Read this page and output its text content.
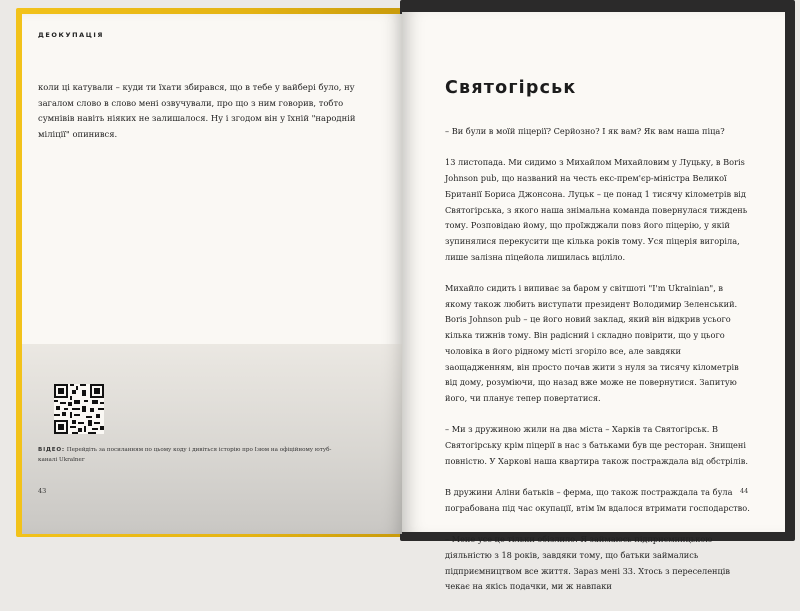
ДЕОКУПАЦІЯ

коли ці катували – куди ти їхати збирався, що в тебе у вайбері було, ну загалом слово в слово мені озвучували, про що з ним говорив, тобто сумнівів навіть ніяких не залишалося. Ну і згодом він у їхній "народній міліції" опинився.

ВІДЕО: Перейдіть за посиланням по цьому коду і дивіться історію про Ізюм на офіційному ютуб-каналі Ukraїner
43
Святогірськ

– Ви були в моїй піцерії? Серйозно? І як вам? Як вам наша піца?

13 листопада. Ми сидимо з Михайлом Михайловим у Луцьку, в Boris Johnson pub, що названий на честь екс-прем'єр-міністра Великої Британії Бориса Джонсона. Луцьк – це понад 1 тисячу кілометрів від Святогірська, з якого наша знімальна команда повернулася тиждень тому. Розповідаю йому, що проїжджали повз його піцерію, у якій зупинялися перекусити ще кілька років тому. Уся піцерія вигоріла, лише залізна піцейола лишилась вціліло.

Михайло сидить і випиває за баром у світшоті "I'm Ukrainian", в якому також любить виступати президент Володимир Зеленський. Boris Johnson pub – це його новий заклад, який він відкрив усього кілька тижнів тому. Він радісний і складно повірити, що у цього чоловіка в його рідному місті згоріло все, але завдяки заощадженням, він просто почав жити з нуля за тисячу кілометрів від дому, розуміючи, що назад вже може не повернутися. Запитую його, чи планує тепер повертатися.

– Ми з дружиною жили на два міста – Харків та Святогірськ. В Святогірську крім піцерії в нас з батьками був ще ресторан. Знищені повністю. У Харкові наша квартира також постраждала від обстрілів.

В дружини Аліни батьків – ферма, що також постраждала та була пограбована під час окупації, втім їм вдалося втримати господарство.

– Мене усе це тільки обізлило. Я займаюсь підприємницькою діяльністю з 18 років, завдяки тому, що батьки займались підприємництвом все життя. Зараз мені 33. Хтось з переселенців чекає на якісь подачки, ми ж навпаки

44
